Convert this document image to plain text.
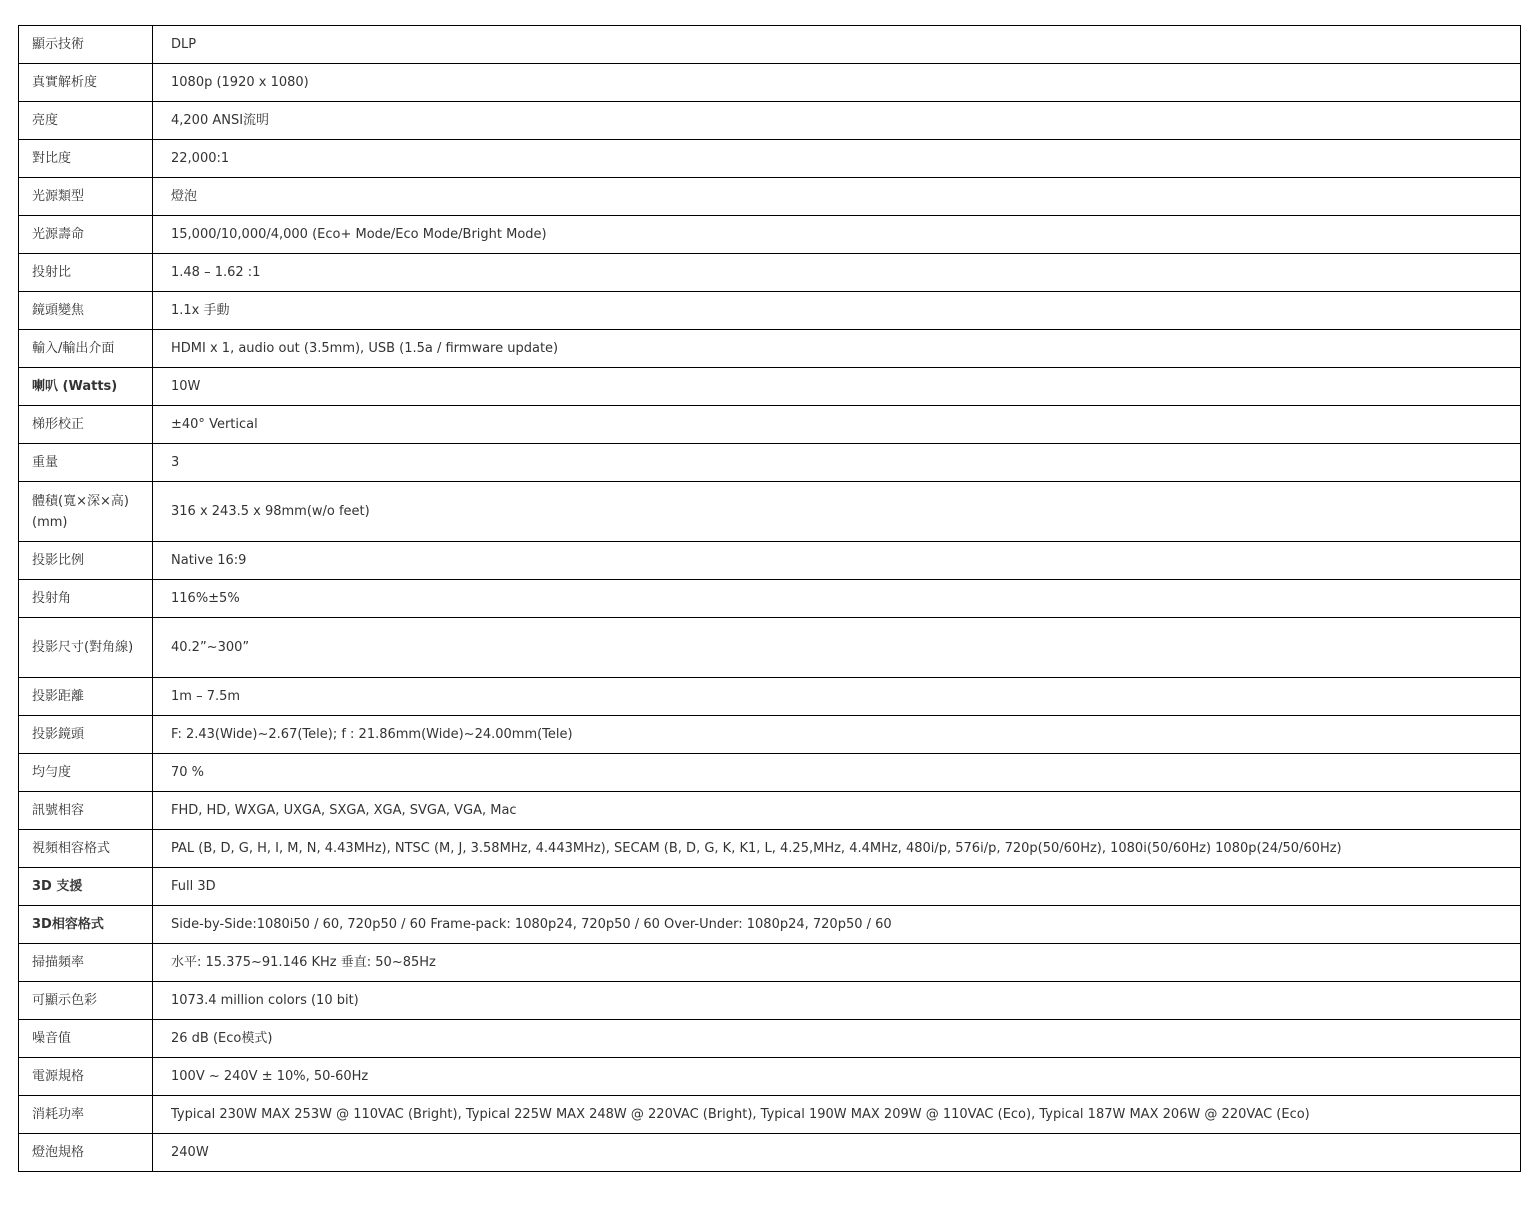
顯示技術	DLP
真實解析度	1080p (1920 x 1080)
亮度	4,200 ANSI流明
對比度	22,000:1
光源類型	燈泡
光源壽命	15,000/10,000/4,000 (Eco+ Mode/Eco Mode/Bright Mode)
投射比	1.48 – 1.62 :1
鏡頭變焦	1.1x 手動
輸入/輸出介面	HDMI x 1, audio out (3.5mm), USB (1.5a / firmware update)
喇叭 (Watts)	10W
梯形校正	±40° Vertical
重量	3
體積(寬×深×高) (mm)	316 x 243.5 x 98mm(w/o feet)
投影比例	Native 16:9
投射角	116%±5%
投影尺寸(對角線)	40.2”~300”
投影距離	1m – 7.5m
投影鏡頭	F: 2.43(Wide)~2.67(Tele); f : 21.86mm(Wide)~24.00mm(Tele)
均勻度	70 %
訊號相容	FHD, HD, WXGA, UXGA, SXGA, XGA, SVGA, VGA, Mac
視頻相容格式	PAL (B, D, G, H, I, M, N, 4.43MHz), NTSC (M, J, 3.58MHz, 4.443MHz), SECAM (B, D, G, K, K1, L, 4.25,MHz, 4.4MHz, 480i/p, 576i/p, 720p(50/60Hz), 1080i(50/60Hz) 1080p(24/50/60Hz)
3D 支援	Full 3D
3D相容格式	Side-by-Side:1080i50 / 60, 720p50 / 60 Frame-pack: 1080p24, 720p50 / 60 Over-Under: 1080p24, 720p50 / 60
掃描頻率	水平: 15.375~91.146 KHz 垂直: 50~85Hz
可顯示色彩	1073.4 million colors (10 bit)
噪音值	26 dB (Eco模式)
電源規格	100V ~ 240V ± 10%, 50-60Hz
消耗功率	Typical 230W MAX 253W @ 110VAC (Bright), Typical 225W MAX 248W @ 220VAC (Bright), Typical 190W MAX 209W @ 110VAC (Eco), Typical 187W MAX 206W @ 220VAC (Eco)
燈泡規格	240W
